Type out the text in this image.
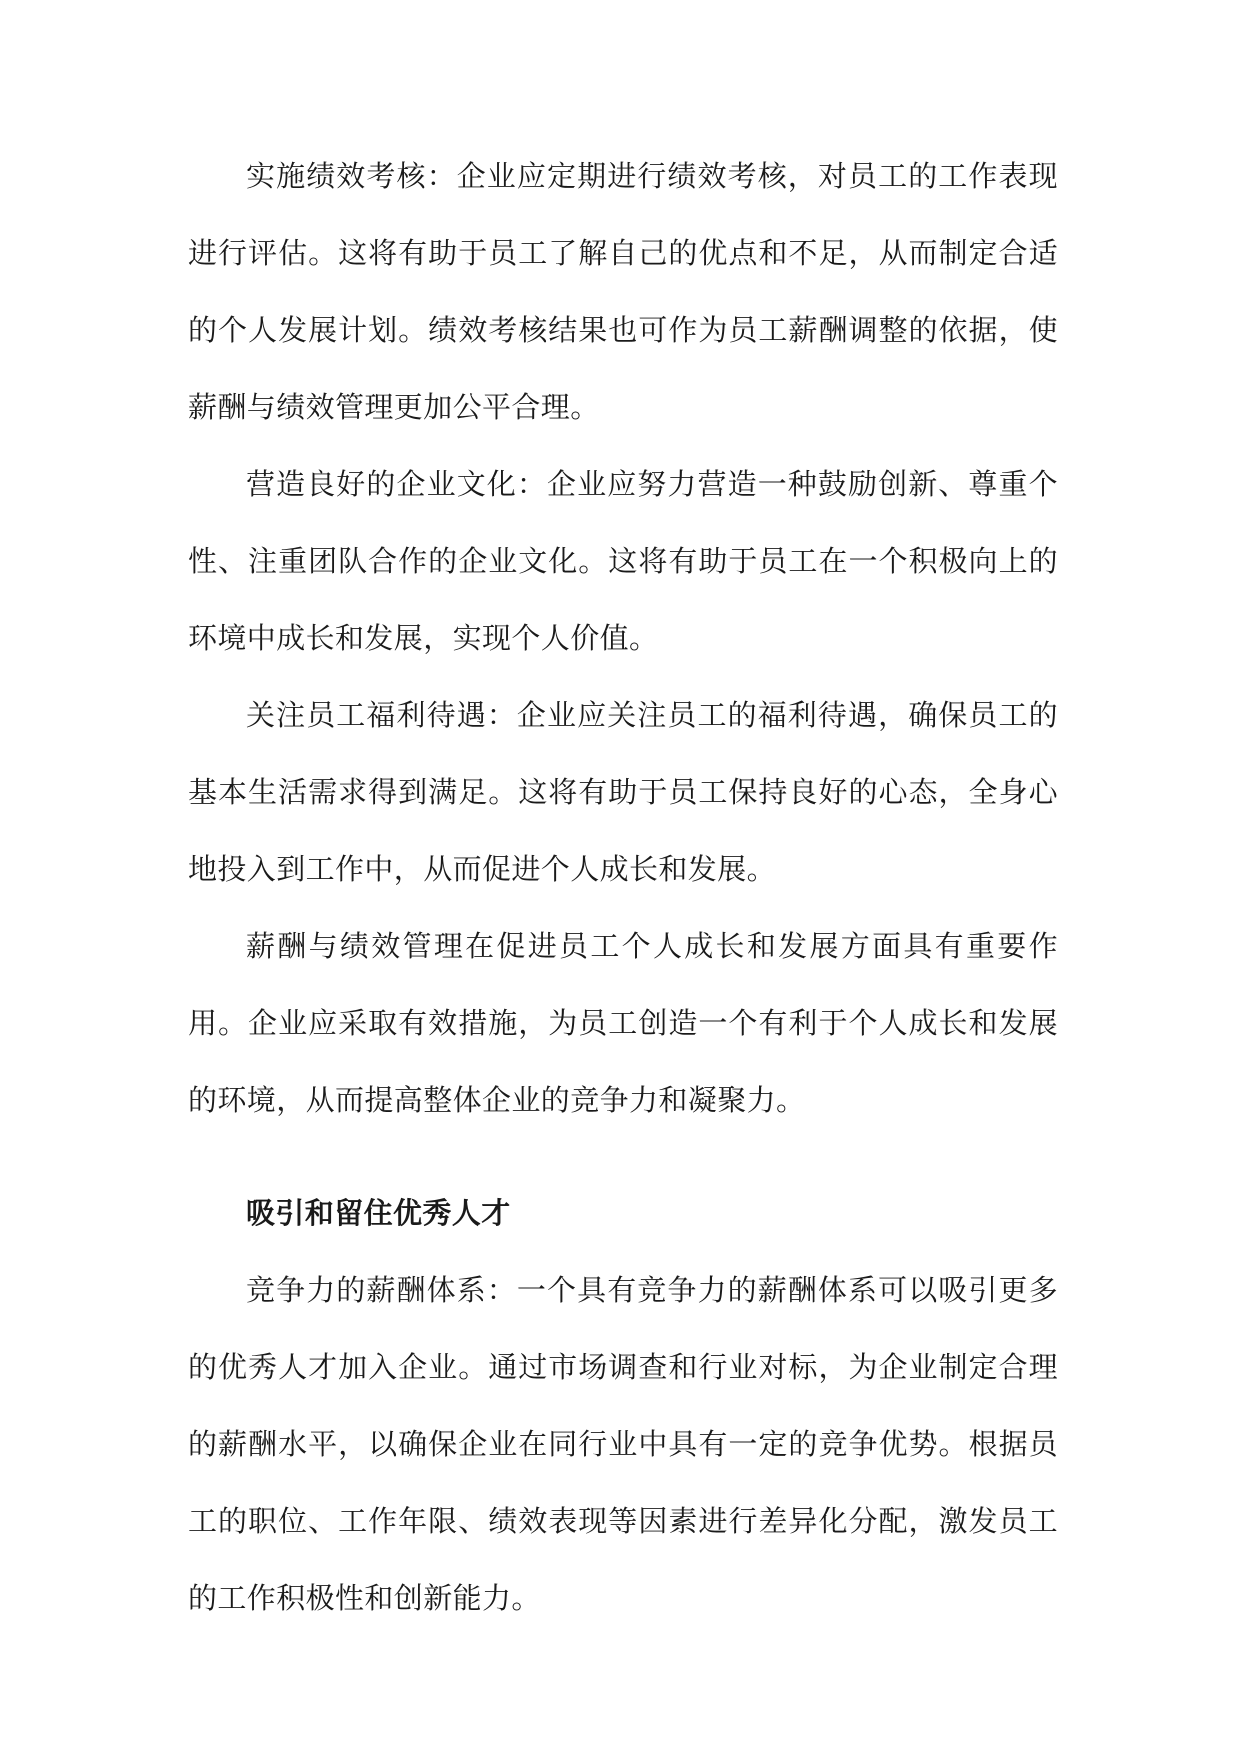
实施绩效考核：企业应定期进行绩效考核，对员工的工作表现进行评估。这将有助于员工了解自己的优点和不足，从而制定合适的个人发展计划。绩效考核结果也可作为员工薪酬调整的依据，使薪酬与绩效管理更加公平合理。

营造良好的企业文化：企业应努力营造一种鼓励创新、尊重个性、注重团队合作的企业文化。这将有助于员工在一个积极向上的环境中成长和发展，实现个人价值。

关注员工福利待遇：企业应关注员工的福利待遇，确保员工的基本生活需求得到满足。这将有助于员工保持良好的心态，全身心地投入到工作中，从而促进个人成长和发展。

薪酬与绩效管理在促进员工个人成长和发展方面具有重要作用。企业应采取有效措施，为员工创造一个有利于个人成长和发展的环境，从而提高整体企业的竞争力和凝聚力。

吸引和留住优秀人才

竞争力的薪酬体系：一个具有竞争力的薪酬体系可以吸引更多的优秀人才加入企业。通过市场调查和行业对标，为企业制定合理的薪酬水平，以确保企业在同行业中具有一定的竞争优势。根据员工的职位、工作年限、绩效表现等因素进行差异化分配，激发员工的工作积极性和创新能力。
